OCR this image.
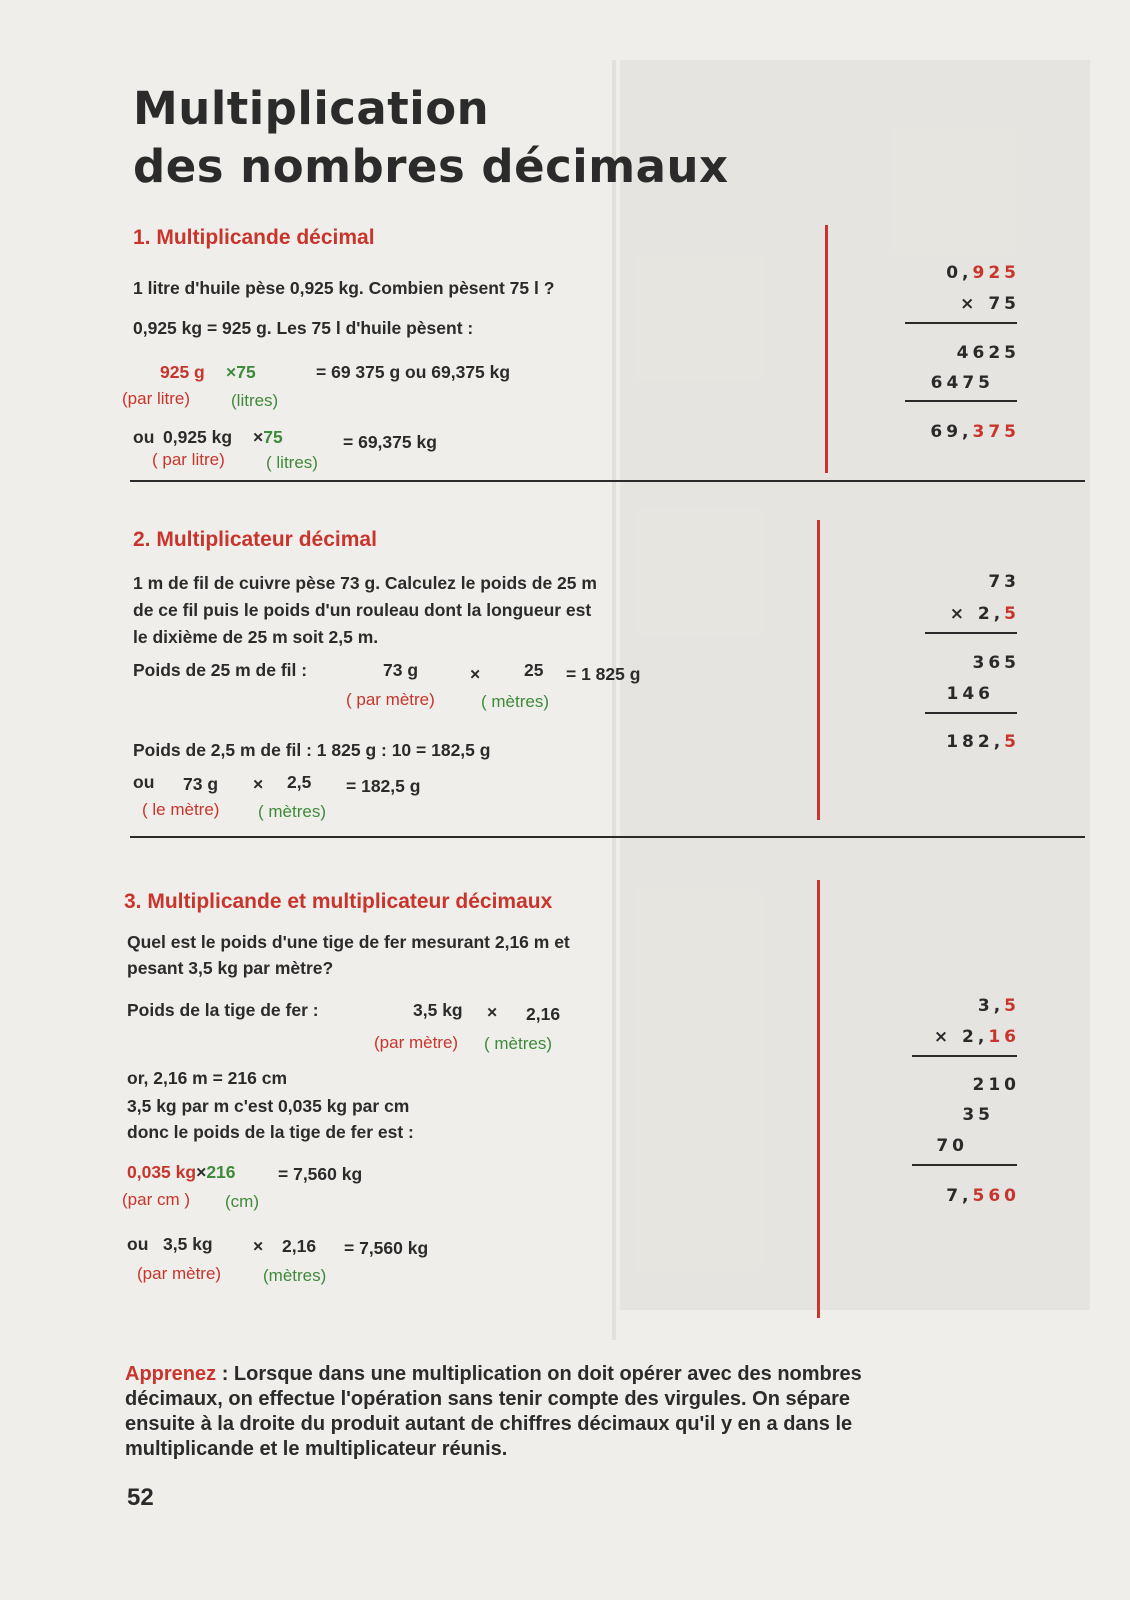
Multiplication
des nombres décimaux
1. Multiplicande décimal
1 litre d'huile pèse 0,925 kg. Combien pèsent 75 l ?
0,925 kg = 925 g. Les 75 l d'huile pèsent :
925 g ×75	= 69 375 g ou 69,375 kg
(par litre) (litres)
ou 0,925 kg ×75	= 69,375 kg
( par litre) ( litres)
0,925
× 75
4625
6475
69,375
2. Multiplicateur décimal
1 m de fil de cuivre pèse 73 g. Calculez le poids de 25 m
de ce fil puis le poids d'un rouleau dont la longueur est
le dixième de 25 m soit 2,5 m.
Poids de 25 m de fil :	73 g	×	25 = 1 825 g
( par mètre)	( mètres)
Poids de 2,5 m de fil : 1 825 g : 10 = 182,5 g
ou 73 g × 2,5 = 182,5 g
( le mètre) ( mètres)
73
× 2,5
365
146
182,5
3. Multiplicande et multiplicateur décimaux
Quel est le poids d'une tige de fer mesurant 2,16 m et
pesant 3,5 kg par mètre?
Poids de la tige de fer :	3,5 kg × 2,16
(par mètre) ( mètres)
or, 2,16 m = 216 cm
3,5 kg par m c'est 0,035 kg par cm
donc le poids de la tige de fer est :
0,035 kg×216 = 7,560 kg
(par cm ) (cm)
ou 3,5 kg × 2,16 = 7,560 kg
(par mètre) (mètres)
3,5
× 2,16
210
35
70
7,560
Apprenez : Lorsque dans une multiplication on doit opérer avec des nombres
décimaux, on effectue l'opération sans tenir compte des virgules. On sépare
ensuite à la droite du produit autant de chiffres décimaux qu'il y en a dans le
multiplicande et le multiplicateur réunis.
52
